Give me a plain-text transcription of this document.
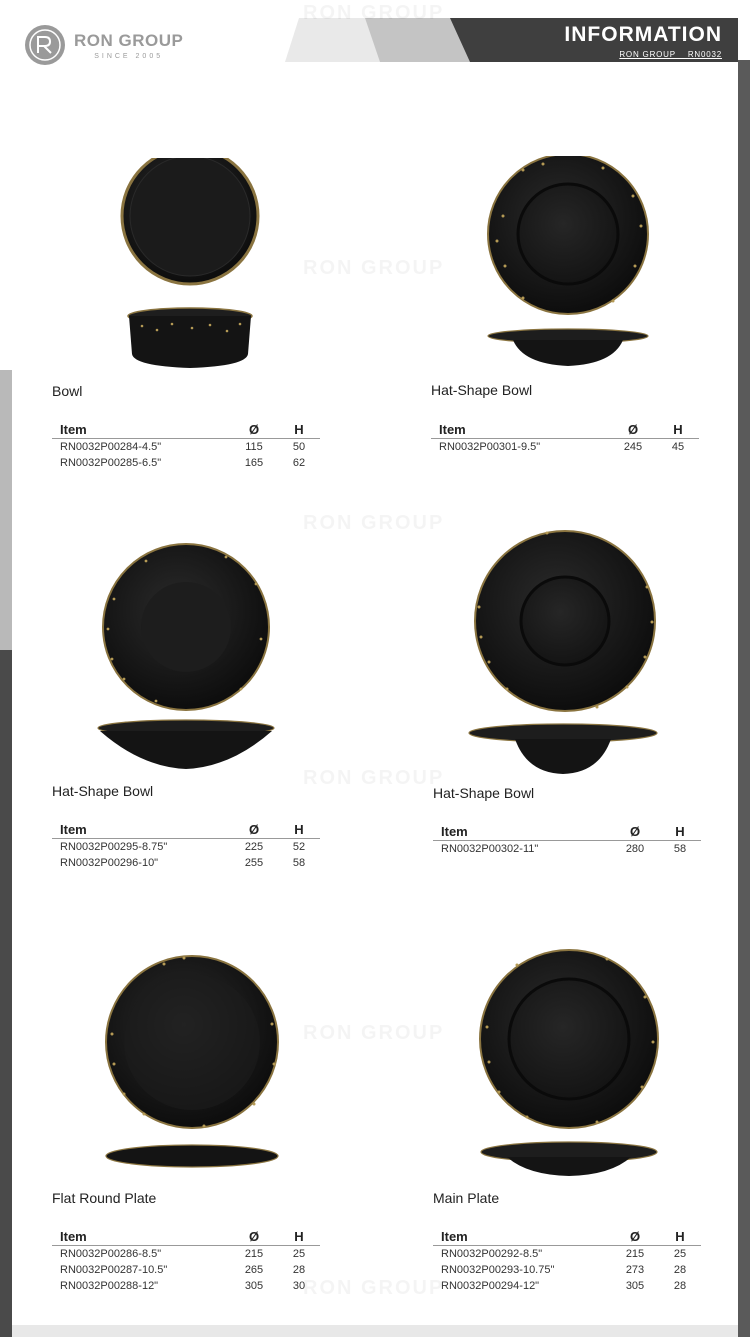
RON GROUP
SINCE 2005
INFORMATION
RON GROUP    RN0032
Bowl
Item	Ø	H
RN0032P00284-4.5"	115	50
RN0032P00285-6.5"	165	62
Hat-Shape Bowl
Item	Ø	H
RN0032P00301-9.5"	245	45
Hat-Shape Bowl
Item	Ø	H
RN0032P00295-8.75"	225	52
RN0032P00296-10"	255	58
Hat-Shape Bowl
Item	Ø	H
RN0032P00302-11"	280	58
Flat Round Plate
Item	Ø	H
RN0032P00286-8.5"	215	25
RN0032P00287-10.5"	265	28
RN0032P00288-12"	305	30
Main Plate
Item	Ø	H
RN0032P00292-8.5"	215	25
RN0032P00293-10.75"	273	28
RN0032P00294-12"	305	28
